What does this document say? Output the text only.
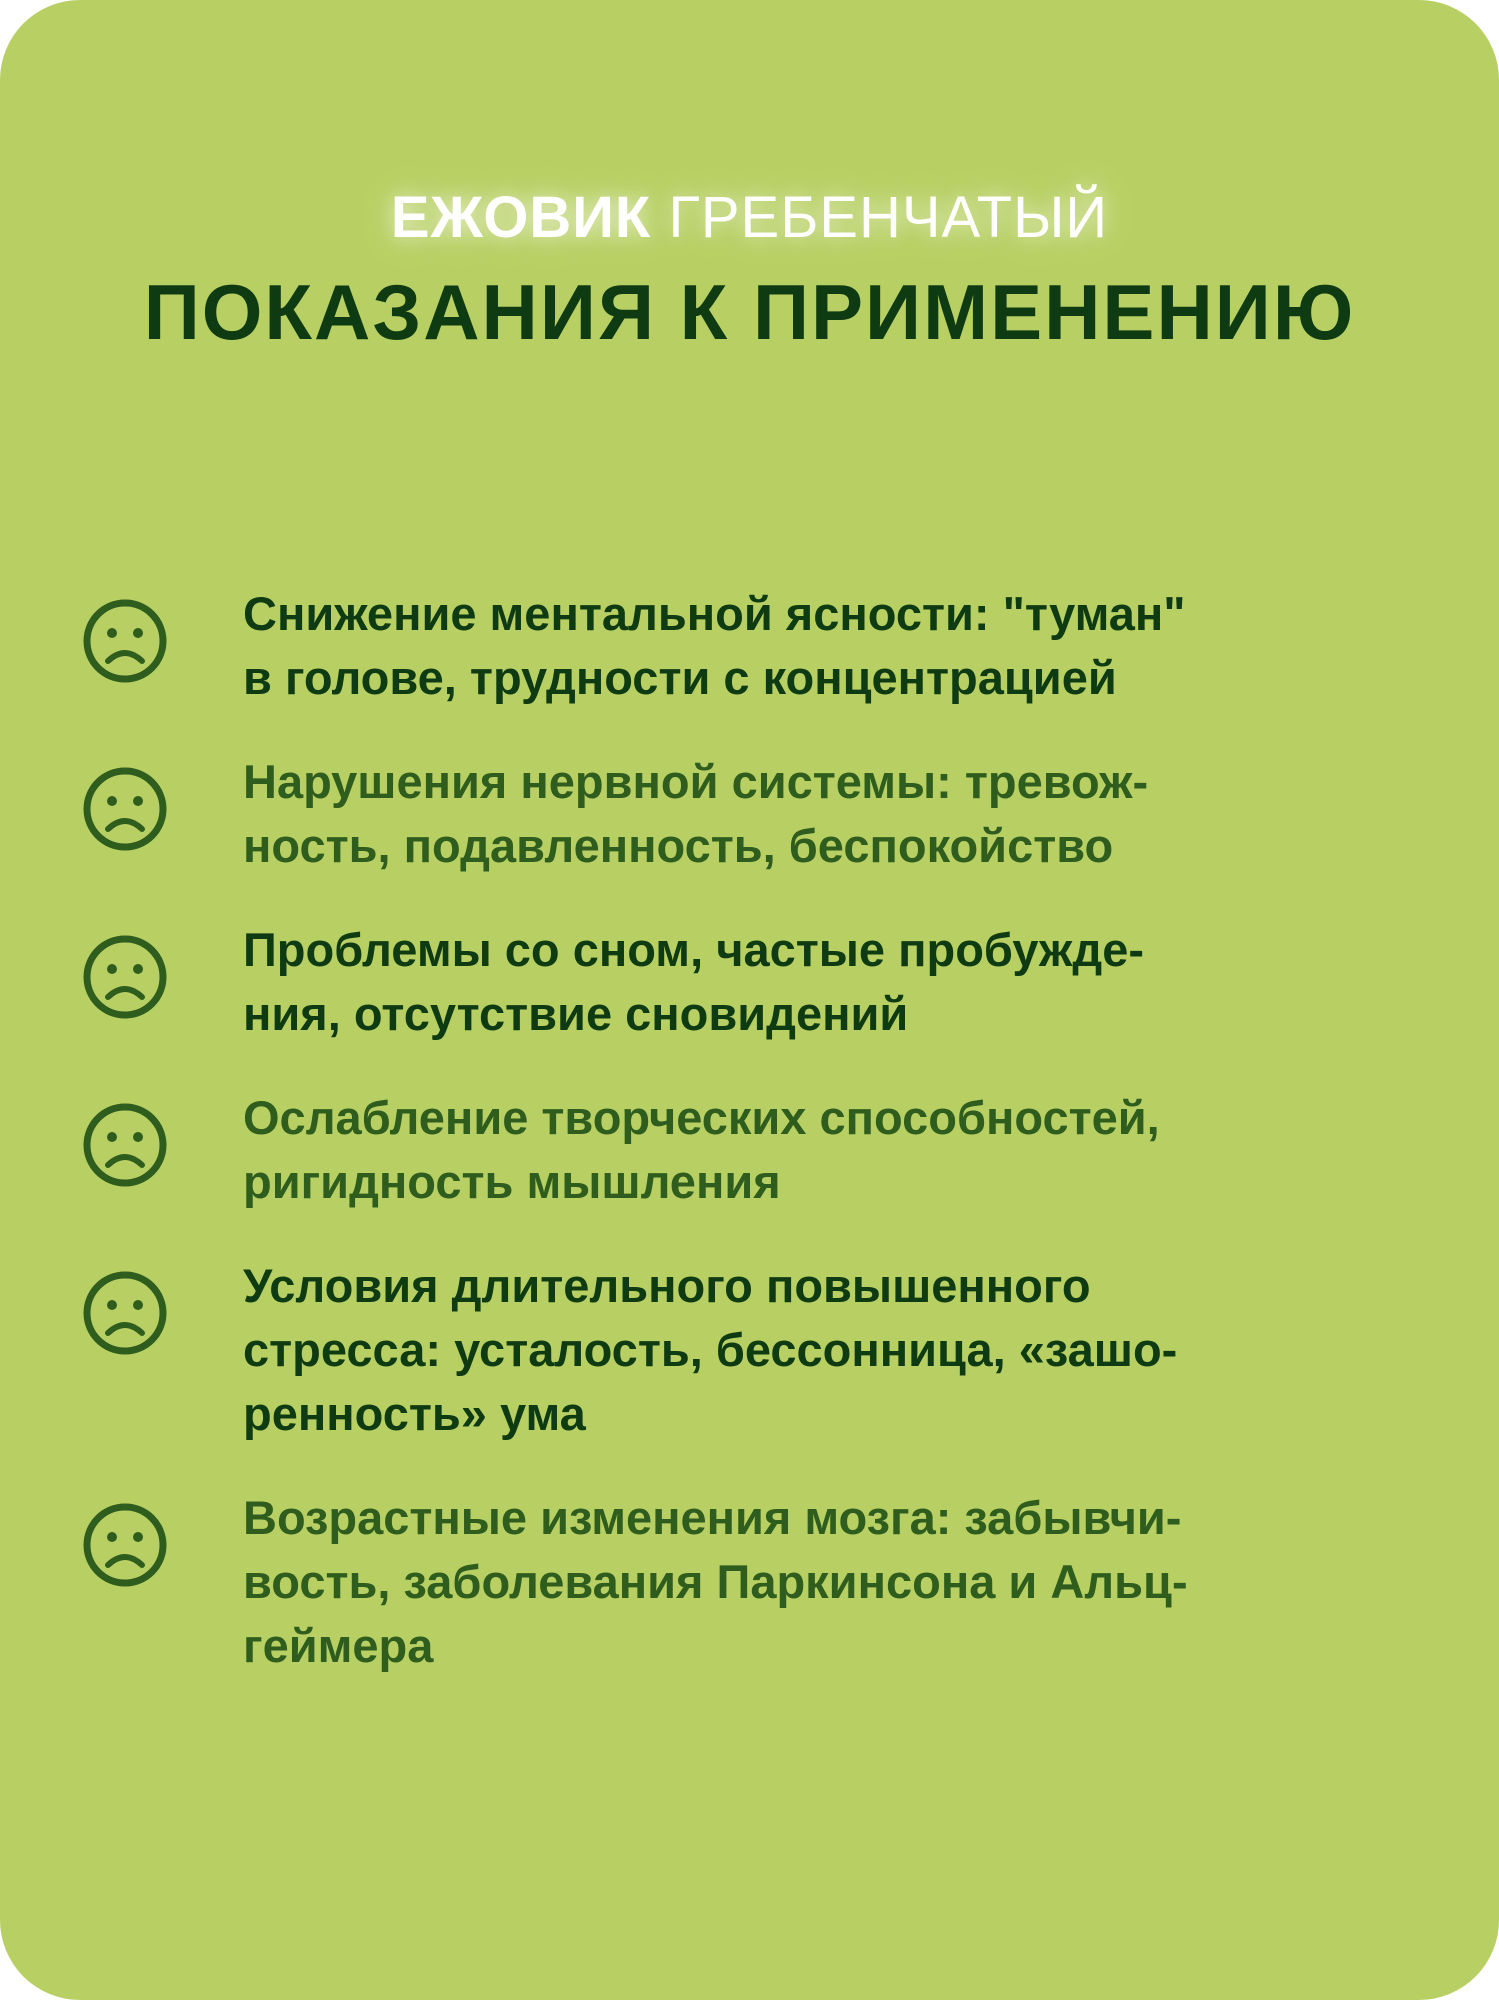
ЕЖОВИК ГРЕБЕНЧАТЫЙ
ПОКАЗАНИЯ К ПРИМЕНЕНИЮ
Снижение ментальной ясности: "туман"
в голове, трудности с концентрацией
Нарушения нервной системы: тревож-
ность, подавленность, беспокойство
Проблемы со сном, частые пробужде-
ния, отсутствие сновидений
Ослабление творческих способностей,
ригидность мышления
Условия длительного повышенного
стресса: усталость, бессонница, «зашо-
ренность» ума
Возрастные изменения мозга: забывчи-
вость, заболевания Паркинсона и Альц-
геймера
